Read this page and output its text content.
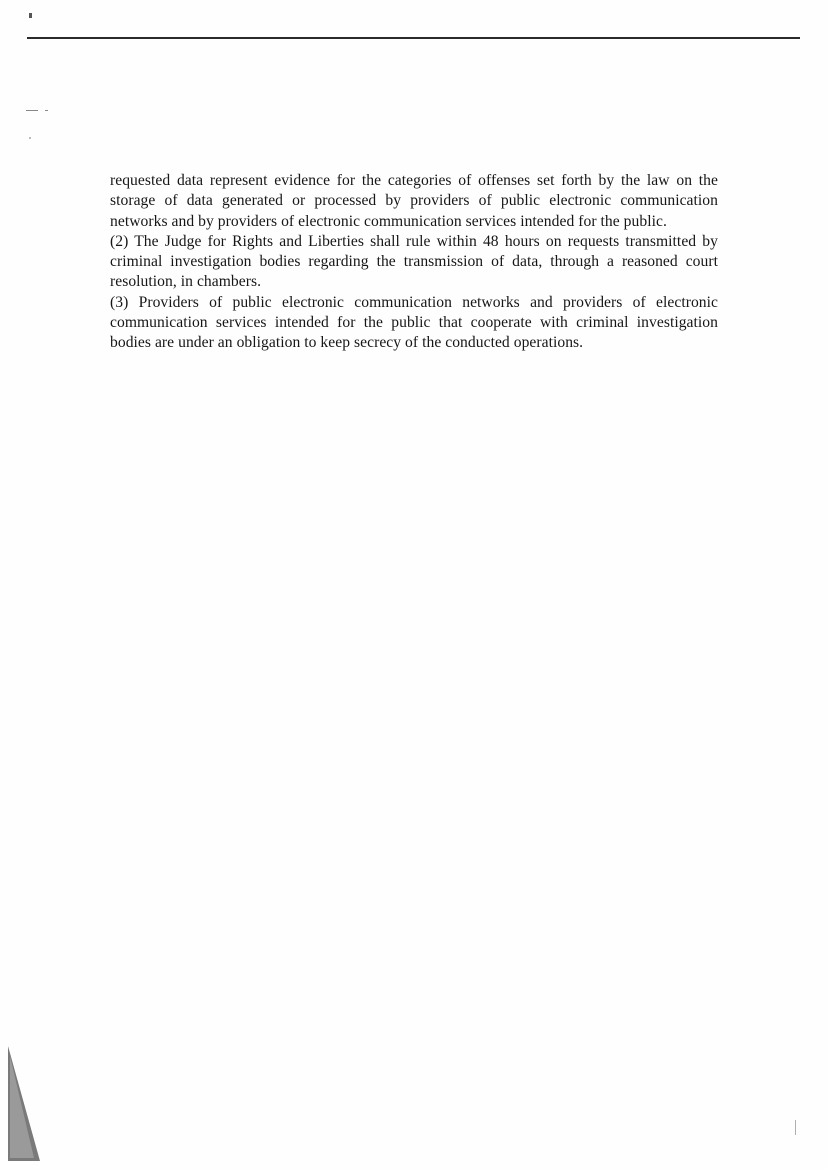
requested data represent evidence for the categories of offenses set forth by the law on the storage of data generated or processed by providers of public electronic communication networks and by providers of electronic communication services intended for the public.

(2) The Judge for Rights and Liberties shall rule within 48 hours on requests transmitted by criminal investigation bodies regarding the transmission of data, through a reasoned court resolution, in chambers.

(3) Providers of public electronic communication networks and providers of electronic communication services intended for the public that cooperate with criminal investigation bodies are under an obligation to keep secrecy of the conducted operations.
